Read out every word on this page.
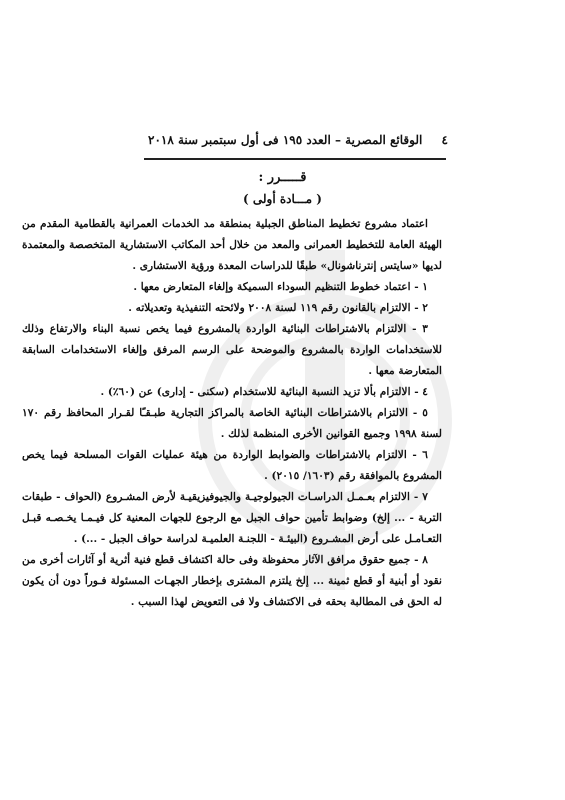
٤
الوقائع المصرية – العدد ١٩٥ فى أول سبتمبر سنة ٢٠١٨
قـــــرر :
( مـــادة أولى )

اعتماد مشروع تخطيط المناطق الجبلية بمنطقة مد الخدمات العمرانية بالقطامية المقدم من الهيئة العامة للتخطيط العمرانى والمعد من خلال أحد المكاتب الاستشارية المتخصصة والمعتمدة لديها «سايتس إنترناشونال» طبقًا للدراسات المعدة ورؤية الاستشارى .

١ - اعتماد خطوط التنظيم السوداء السميكة وإلغاء المتعارض معها .

٢ - الالتزام بالقانون رقم ١١٩ لسنة ٢٠٠٨ ولائحته التنفيذية وتعديلاته .

٣ - الالتزام بالاشتراطات البنائية الواردة بالمشروع فيما يخص نسبة البناء والارتفاع وذلك للاستخدامات الواردة بالمشروع والموضحة على الرسم المرفق وإلغاء الاستخدامات السابقة المتعارضة معها .

٤ - الالتزام بألا تزيد النسبة البنائية للاستخدام (سكنى - إدارى) عن (٦٠٪) .

٥ - الالتزام بالاشتراطات البنائية الخاصة بالمراكز التجارية طبـقـًا لقـرار المحافظ رقم ١٧٠ لسنة ١٩٩٨ وجميع القوانين الأخرى المنظمة لذلك .

٦ - الالتزام بالاشتراطات والضوابط الواردة من هيئة عمليات القوات المسلحة فيما يخص المشروع بالموافقة رقم (١٦٠٣/ ٢٠١٥) .

٧ - الالتزام بعـمـل الدراسـات الجيولوجيـة والجيوفيزيقيـة لأرض المشـروع (الحواف - طبقات التربة - ... إلخ) وضوابط تأمين حواف الجبل مع الرجوع للجهات المعنية كل فيـمـا يخـصـه قبـل التعـامـل على أرض المشـروع (البيئـة - اللجنـة العلميـة لدراسة حواف الجبل - ...) .

٨ - جميع حقوق مرافق الآثار محفوظة وفى حالة اكتشاف قطع فنية أثرية أو آثارات أخرى من نقود أو أبنية أو قطع ثمينة ... إلخ يلتزم المشترى بإخطار الجهـات المسئولة فـوراً دون أن يكون له الحق فى المطالبة بحقه فى الاكتشاف ولا فى التعويض لهذا السبب .
